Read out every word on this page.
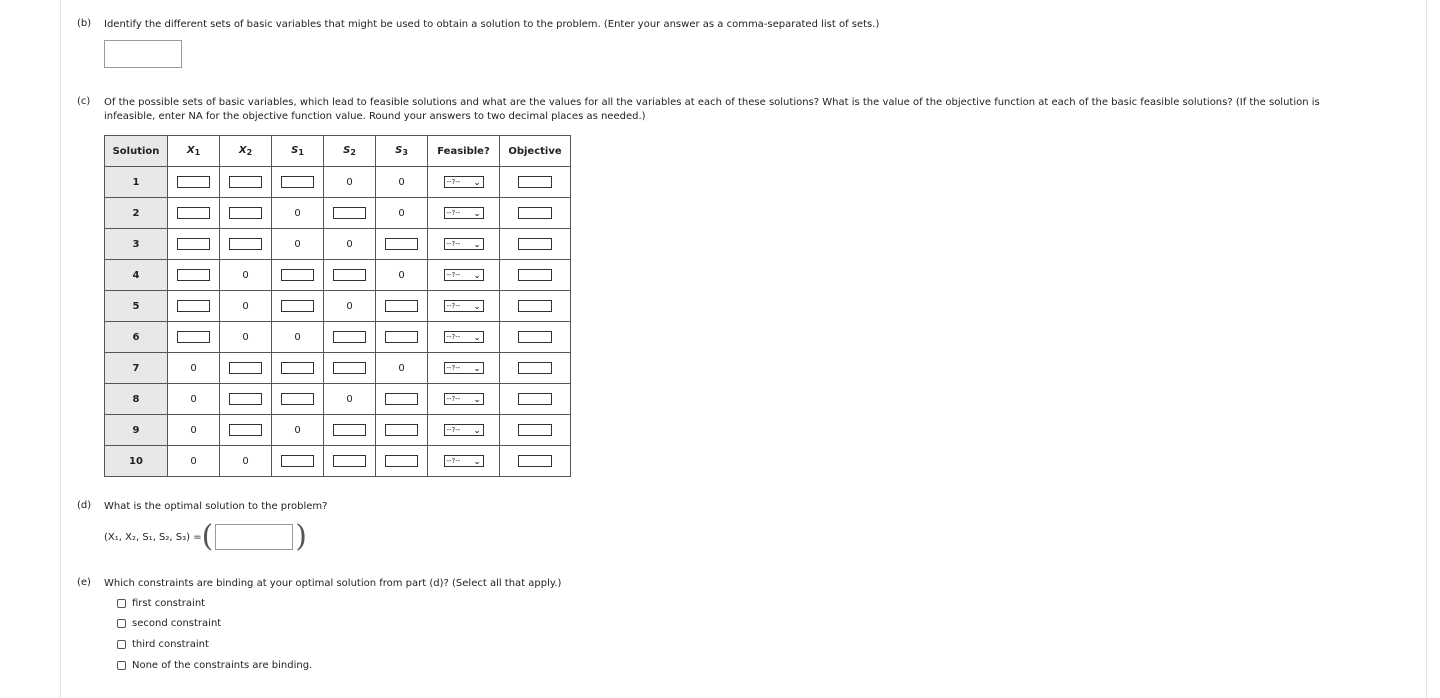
(b)	Identify the different sets of basic variables that might be used to obtain a solution to the problem. (Enter your answer as a comma-separated list of sets.)
(c)	Of the possible sets of basic variables, which lead to feasible solutions and what are the values for all the variables at each of these solutions? What is the value of the objective function at each of the basic feasible solutions? (If the solution is
infeasible, enter NA for the objective function value. Round your answers to two decimal places as needed.)
Solution	$X_1$	$X_2$	$S_1$	$S_2$	$S_3$	Feasible?	Objective
1				0	0	--?-- ⌄	

2			0		0	--?-- ⌄	

3			0	0		--?-- ⌄	

4		0			0	--?-- ⌄	

5		0		0		--?-- ⌄	

6		0	0			--?-- ⌄	

7	0				0	--?-- ⌄	

8	0			0		--?-- ⌄	

9	0		0			--?-- ⌄	

10	0	0				--?-- ⌄	

(d)	What is the optimal solution to the problem?
(X₁, X₂, S₁, S₂, S₃) = (	)
(e)	Which constraints are binding at your optimal solution from part (d)? (Select all that apply.)
first constraint
second constraint
third constraint
None of the constraints are binding.
